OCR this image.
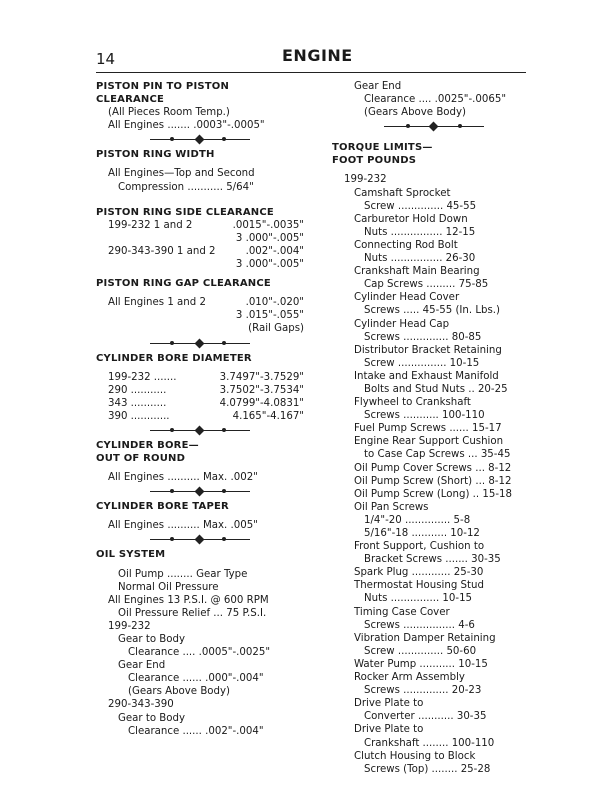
14	ENGINE
PISTON PIN TO PISTON
CLEARANCE
(All Pieces Room Temp.)
All Engines ....... .0003"-.0005"
PISTON RING WIDTH
All Engines—Top and Second
Compression ........... 5/64"
PISTON RING SIDE CLEARANCE
199-232 1 and 2	.0015"-.0035"
3 .000"-.005"
290-343-390 1 and 2	.002"-.004"
3 .000"-.005"
PISTON RING GAP CLEARANCE
All Engines 1 and 2	.010"-.020"
3 .015"-.055"
(Rail Gaps)
CYLINDER BORE DIAMETER
199-232 .......	3.7497"-3.7529"
290 ...........	3.7502"-3.7534"
343 ...........	4.0799"-4.0831"
390 ............	4.165"-4.167"
CYLINDER BORE—
OUT OF ROUND
All Engines .......... Max. .002"
CYLINDER BORE TAPER
All Engines .......... Max. .005"
OIL SYSTEM
Oil Pump ........ Gear Type
Normal Oil Pressure
All Engines 13 P.S.I. @ 600 RPM
Oil Pressure Relief ... 75 P.S.I.
199-232
Gear to Body
Clearance .... .0005"-.0025"
Gear End
Clearance ...... .000"-.004"
(Gears Above Body)
290-343-390
Gear to Body
Clearance ...... .002"-.004"
Gear End
Clearance .... .0025"-.0065"
(Gears Above Body)
TORQUE LIMITS—
FOOT POUNDS
199-232
Camshaft Sprocket
Screw .............. 45-55
Carburetor Hold Down
Nuts ................ 12-15
Connecting Rod Bolt
Nuts ................ 26-30
Crankshaft Main Bearing
Cap Screws ......... 75-85
Cylinder Head Cover
Screws ..... 45-55 (In. Lbs.)
Cylinder Head Cap
Screws .............. 80-85
Distributor Bracket Retaining
Screw ............... 10-15
Intake and Exhaust Manifold
Bolts and Stud Nuts .. 20-25
Flywheel to Crankshaft
Screws ........... 100-110
Fuel Pump Screws ...... 15-17
Engine Rear Support Cushion
to Case Cap Screws ... 35-45
Oil Pump Cover Screws ... 8-12
Oil Pump Screw (Short) ... 8-12
Oil Pump Screw (Long) .. 15-18
Oil Pan Screws
1/4"-20 .............. 5-8
5/16"-18 ........... 10-12
Front Support, Cushion to
Bracket Screws ....... 30-35
Spark Plug ............ 25-30
Thermostat Housing Stud
Nuts ............... 10-15
Timing Case Cover
Screws ................ 4-6
Vibration Damper Retaining
Screw .............. 50-60
Water Pump ........... 10-15
Rocker Arm Assembly
Screws .............. 20-23
Drive Plate to
Converter ........... 30-35
Drive Plate to
Crankshaft ........ 100-110
Clutch Housing to Block
Screws (Top) ........ 25-28
